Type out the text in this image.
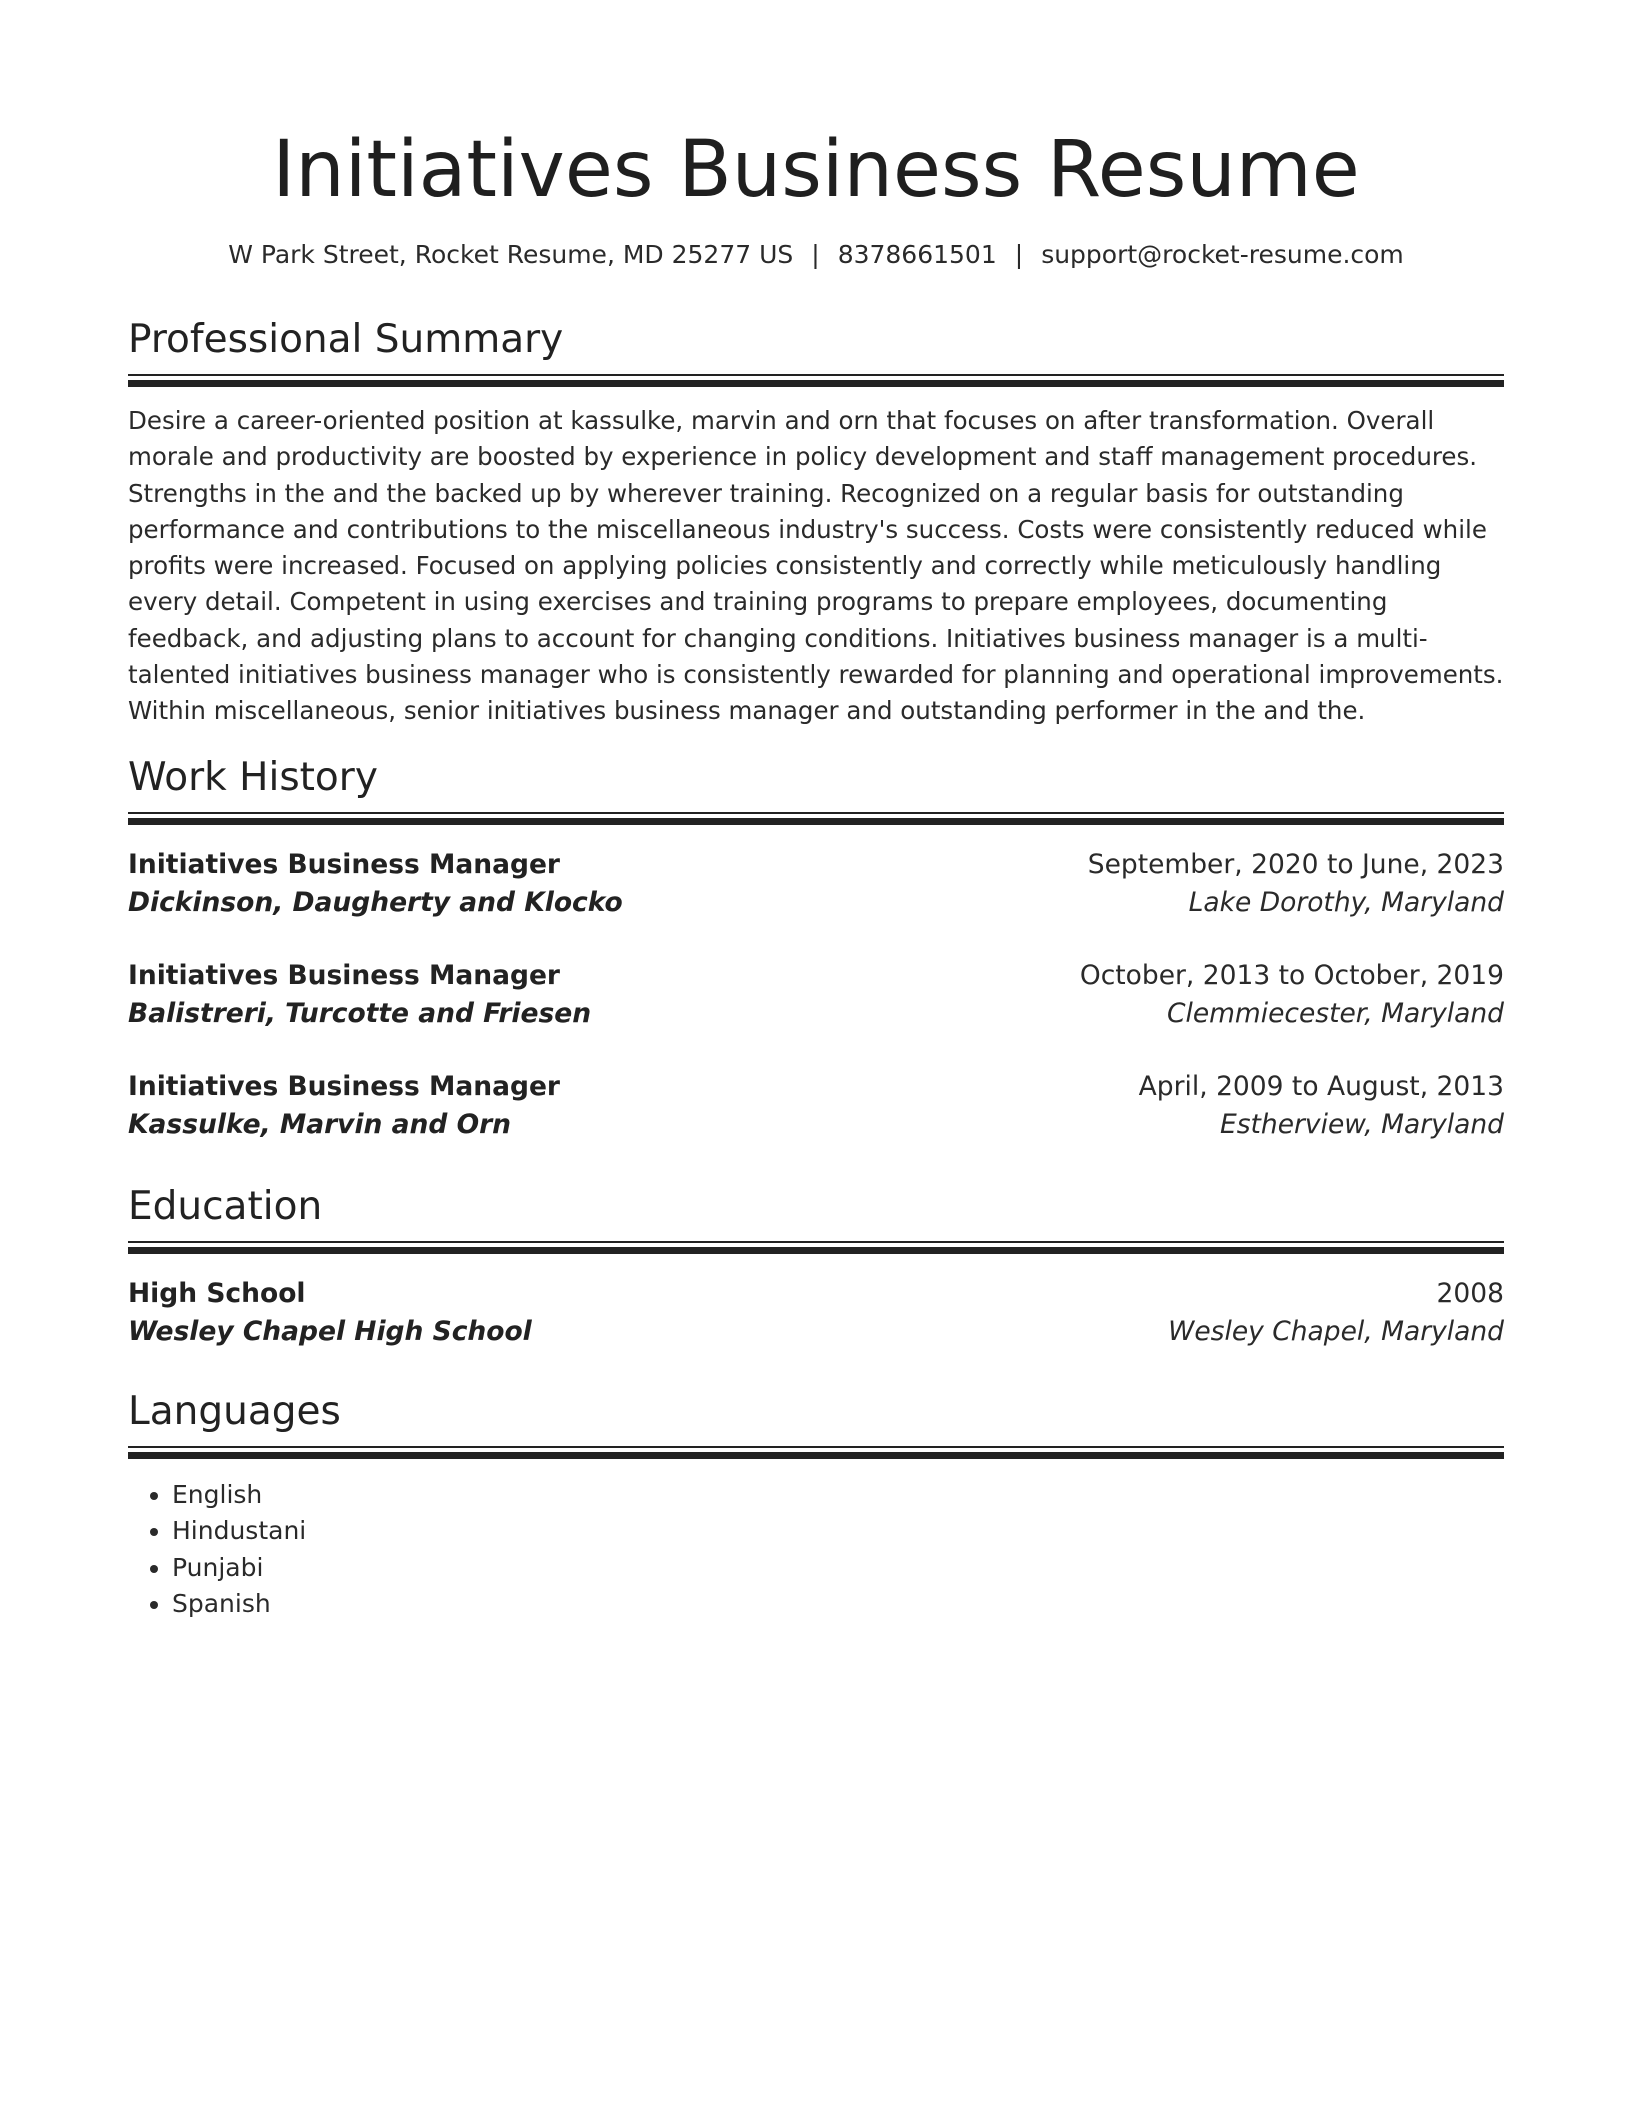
Initiatives Business Resume
W Park Street, Rocket Resume, MD 25277 US | 8378661501 | support@rocket-resume.com
Professional Summary

Desire a career-oriented position at kassulke, marvin and orn that focuses on after transformation. Overall morale and productivity are boosted by experience in policy development and staff management procedures. Strengths in the and the backed up by wherever training. Recognized on a regular basis for outstanding performance and contributions to the miscellaneous industry's success. Costs were consistently reduced while profits were increased. Focused on applying policies consistently and correctly while meticulously handling every detail. Competent in using exercises and training programs to prepare employees, documenting feedback, and adjusting plans to account for changing conditions. Initiatives business manager is a multi-talented initiatives business manager who is consistently rewarded for planning and operational improvements. Within miscellaneous, senior initiatives business manager and outstanding performer in the and the.

Work History
Initiatives Business Manager	September, 2020 to June, 2023
Dickinson, Daugherty and Klocko	Lake Dorothy, Maryland
Initiatives Business Manager	October, 2013 to October, 2019
Balistreri, Turcotte and Friesen	Clemmiecester, Maryland
Initiatives Business Manager	April, 2009 to August, 2013
Kassulke, Marvin and Orn	Estherview, Maryland
Education
High School	2008
Wesley Chapel High School	Wesley Chapel, Maryland
Languages
• English
• Hindustani
• Punjabi
• Spanish
